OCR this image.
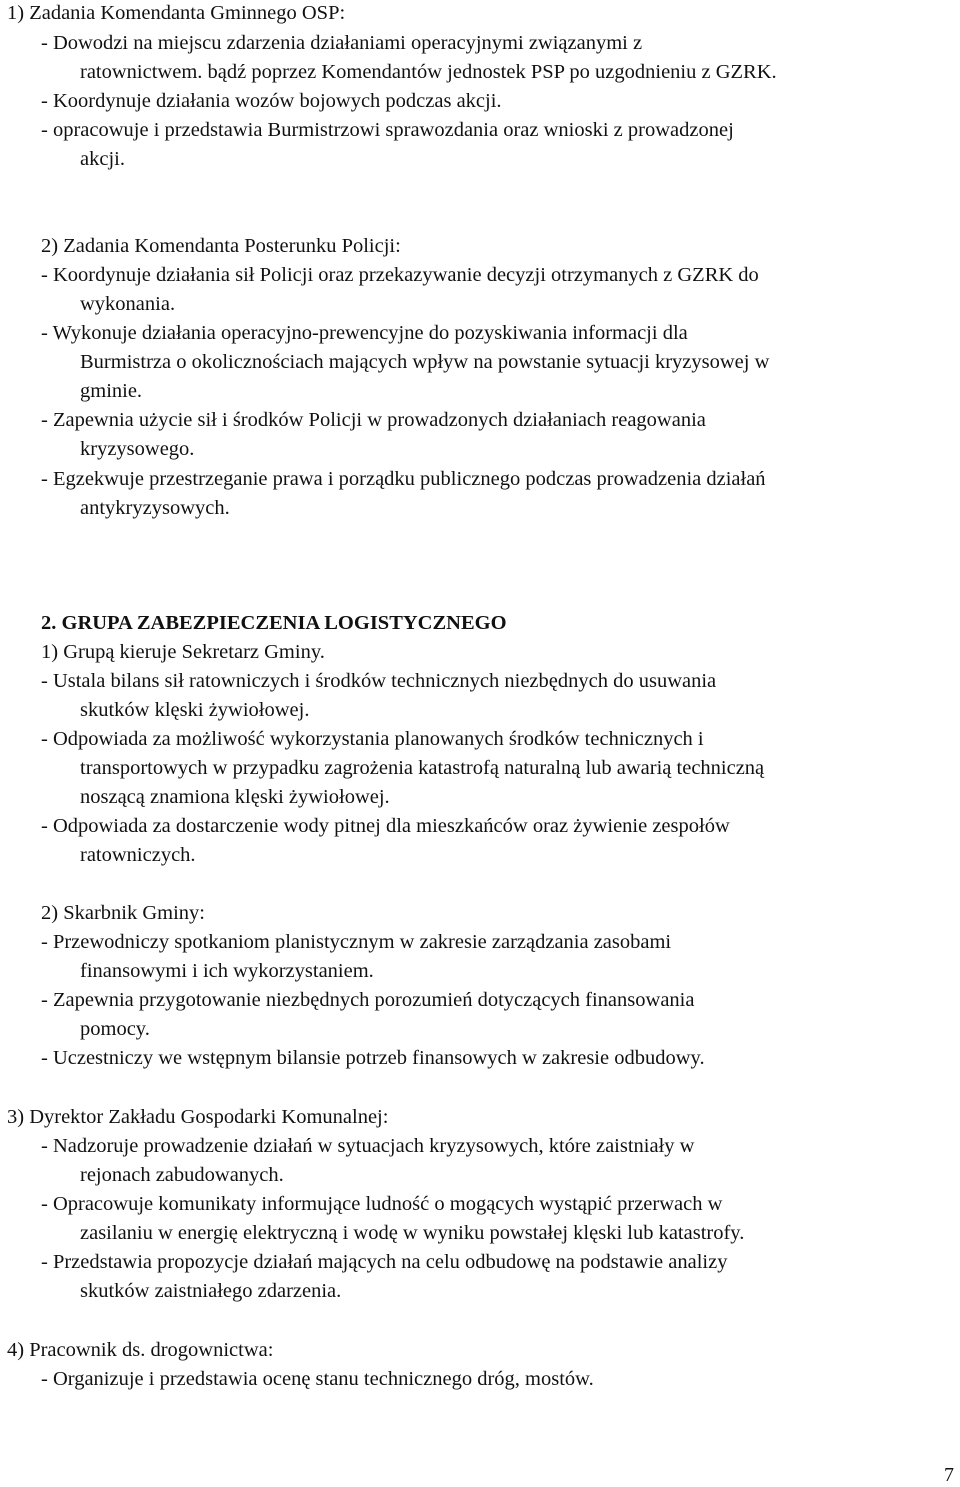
1) Zadania Komendanta Gminnego OSP:
- Dowodzi na miejscu zdarzenia działaniami operacyjnymi związanymi z
ratownictwem. bądź poprzez Komendantów jednostek PSP po uzgodnieniu z GZRK.
- Koordynuje działania wozów bojowych podczas akcji.
- opracowuje i przedstawia Burmistrzowi sprawozdania oraz wnioski z prowadzonej
akcji.
2) Zadania Komendanta Posterunku Policji:
- Koordynuje działania sił Policji oraz przekazywanie decyzji otrzymanych z GZRK do
wykonania.
- Wykonuje działania operacyjno-prewencyjne do pozyskiwania informacji dla
Burmistrza o okolicznościach mających wpływ na powstanie sytuacji kryzysowej w
gminie.
- Zapewnia użycie sił i środków Policji w prowadzonych działaniach reagowania
kryzysowego.
- Egzekwuje przestrzeganie prawa i porządku publicznego podczas prowadzenia działań
antykryzysowych.
2. GRUPA ZABEZPIECZENIA LOGISTYCZNEGO
1) Grupą kieruje Sekretarz Gminy.
- Ustala bilans sił ratowniczych i środków technicznych niezbędnych do usuwania
skutków klęski żywiołowej.
- Odpowiada za możliwość wykorzystania planowanych środków technicznych i
transportowych w przypadku zagrożenia katastrofą naturalną lub awarią techniczną
noszącą znamiona klęski żywiołowej.
- Odpowiada za dostarczenie wody pitnej dla mieszkańców oraz żywienie zespołów
ratowniczych.
2) Skarbnik Gminy:
- Przewodniczy spotkaniom planistycznym w zakresie zarządzania zasobami
finansowymi i ich wykorzystaniem.
- Zapewnia przygotowanie niezbędnych porozumień dotyczących finansowania
pomocy.
- Uczestniczy we wstępnym bilansie potrzeb finansowych w zakresie odbudowy.
3) Dyrektor Zakładu Gospodarki Komunalnej:
- Nadzoruje prowadzenie działań w sytuacjach kryzysowych, które zaistniały w
rejonach zabudowanych.
- Opracowuje komunikaty informujące ludność o mogących wystąpić przerwach w
zasilaniu w energię elektryczną i wodę w wyniku powstałej klęski lub katastrofy.
- Przedstawia propozycje działań mających na celu odbudowę na podstawie analizy
skutków zaistniałego zdarzenia.
4) Pracownik ds. drogownictwa:
- Organizuje i przedstawia ocenę stanu technicznego dróg, mostów.
7
